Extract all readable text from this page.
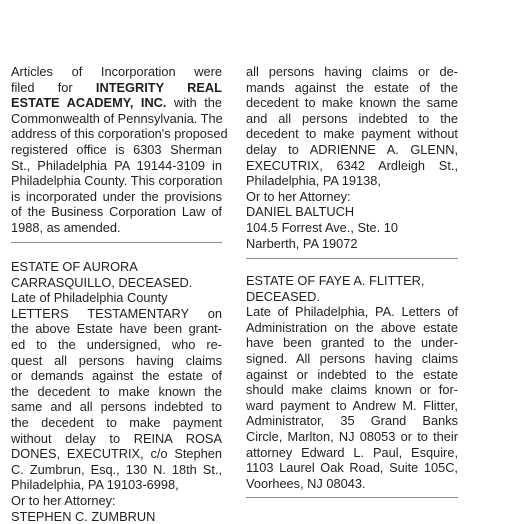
Articles of Incorporation were

filed for INTEGRITY REAL

ESTATE ACADEMY, INC. with the

Commonwealth of Pennsylvania. The

address of this corporation's proposed

registered office is 6303 Sherman

St., Philadelphia PA 19144-3109 in

Philadelphia County. This corporation

is incorporated under the provisions

of the Business Corporation Law of

1988, as amended.

ESTATE OF AURORA

CARRASQUILLO, DECEASED.

Late of Philadelphia County

LETTERS TESTAMENTARY on

the above Estate have been grant-

ed to the undersigned, who re-

quest all persons having claims

or demands against the estate of

the decedent to make known the

same and all persons indebted to

the decedent to make payment

without delay to REINA ROSA

DONES, EXECUTRIX, c/o Stephen

C. Zumbrun, Esq., 130 N. 18th St.,

Philadelphia, PA 19103-6998,

Or to her Attorney:

STEPHEN C. ZUMBRUN

all persons having claims or de-

mands against the estate of the

decedent to make known the same

and all persons indebted to the

decedent to make payment without

delay to ADRIENNE A. GLENN,

EXECUTRIX, 6342 Ardleigh St.,

Philadelphia, PA 19138,

Or to her Attorney:

DANIEL BALTUCH

104.5 Forrest Ave., Ste. 10

Narberth, PA 19072

ESTATE OF FAYE A. FLITTER,

DECEASED.

Late of Philadelphia, PA. Letters of

Administration on the above estate

have been granted to the under-

signed. All persons having claims

against or indebted to the estate

should make claims known or for-

ward payment to Andrew M. Flitter,

Administrator, 35 Grand Banks

Circle, Marlton, NJ 08053 or to their

attorney Edward L. Paul, Esquire,

1103 Laurel Oak Road, Suite 105C,

Voorhees, NJ 08043.
